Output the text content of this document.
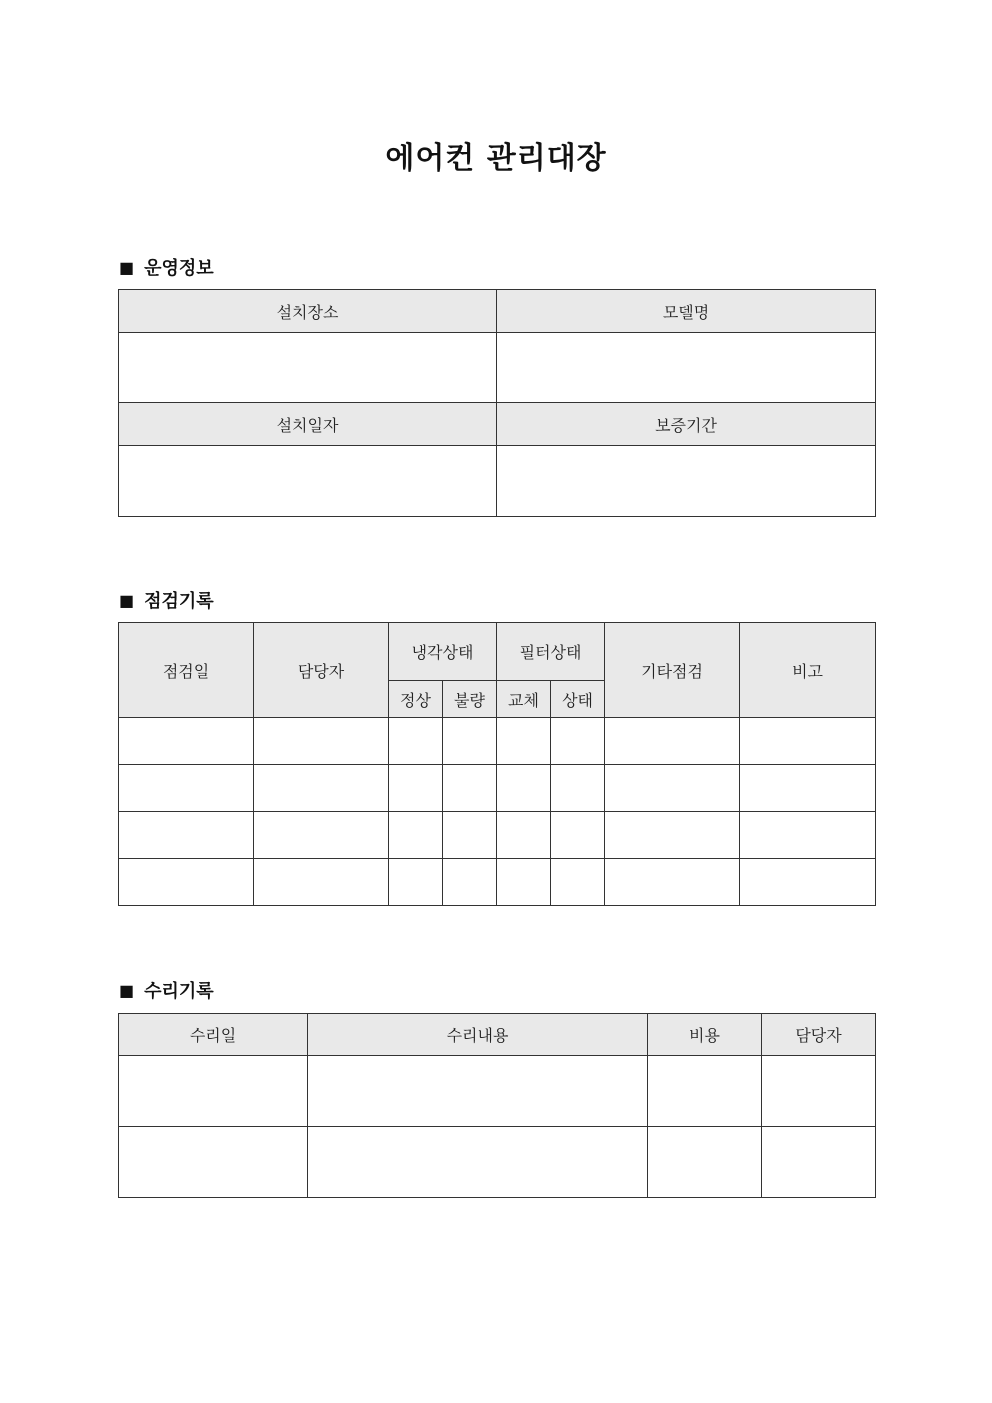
에어컨 관리대장
■ 운영정보
설치장소	모델명

설치일자	보증기간

■ 점검기록
점검일	담당자	냉각상태		필터상태		기타점검	비고
		정상	불량	교체	상태		

■ 수리기록
수리일	수리내용	비용	담당자
